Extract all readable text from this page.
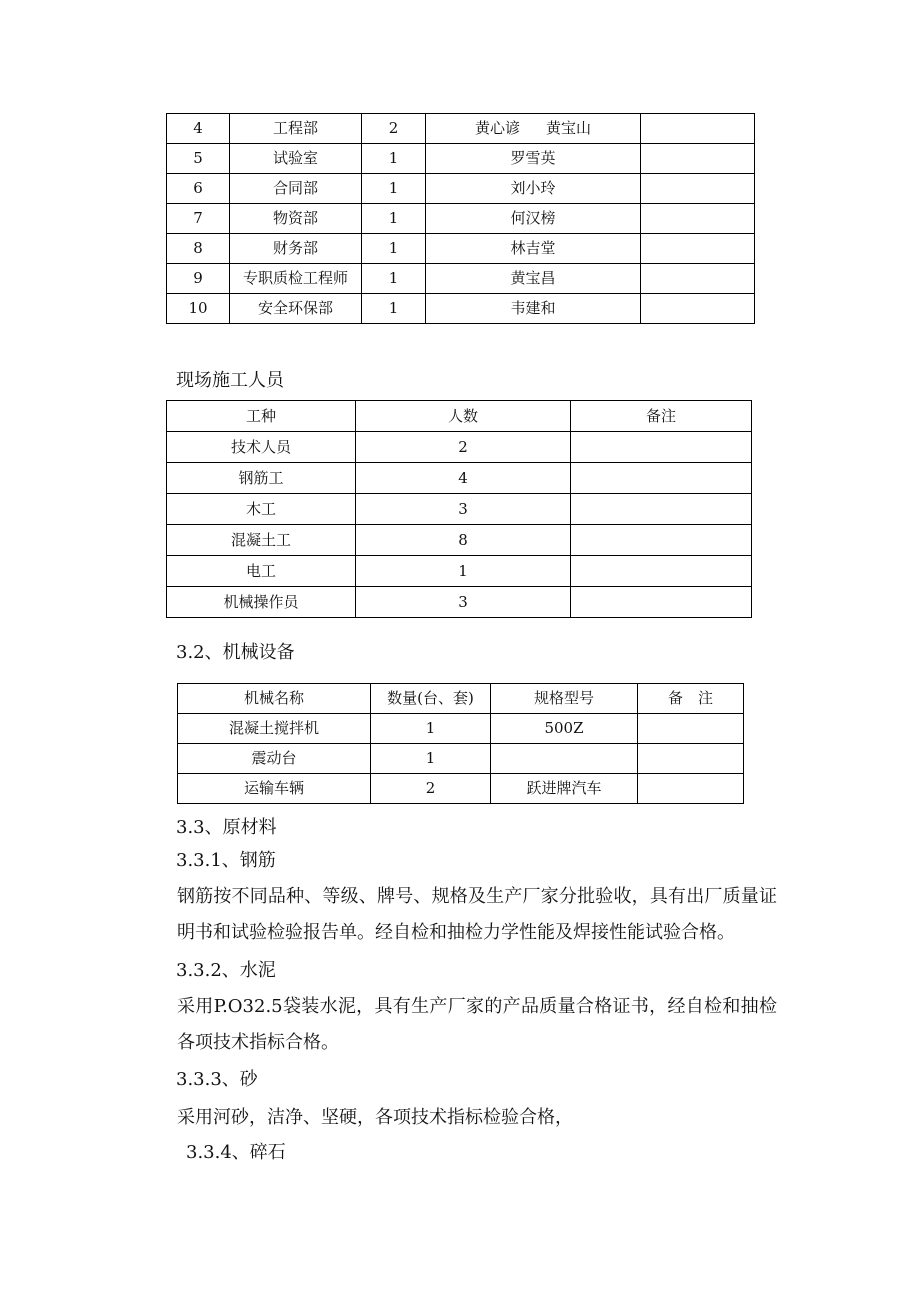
4	工程部	2	黄心谚 黄宝山	
5	试验室	1	罗雪英	
6	合同部	1	刘小玲	
7	物资部	1	何汉榜	
8	财务部	1	林吉堂	
9	专职质检工程师	1	黄宝昌	
10	安全环保部	1	韦建和	
现场施工人员
工种	人数	备注
技术人员	2	
钢筋工	4	
木工	3	
混凝土工	8	
电工	1	
机械操作员	3	
3.2、机械设备
机械名称	数量(台、套)	规格型号	备　注
混凝土搅拌机	1	500Z	
震动台	1		
运输车辆	2	跃进牌汽车	
3.3、原材料
3.3.1、钢筋
钢筋按不同品种、等级、牌号、规格及生产厂家分批验收，具有出厂质量证明书和试验检验报告单。经自检和抽检力学性能及焊接性能试验合格。
3.3.2、水泥
采用P.O32.5袋装水泥，具有生产厂家的产品质量合格证书，经自检和抽检各项技术指标合格。
3.3.3、砂
采用河砂，洁净、坚硬，各项技术指标检验合格，
3.3.4、碎石
